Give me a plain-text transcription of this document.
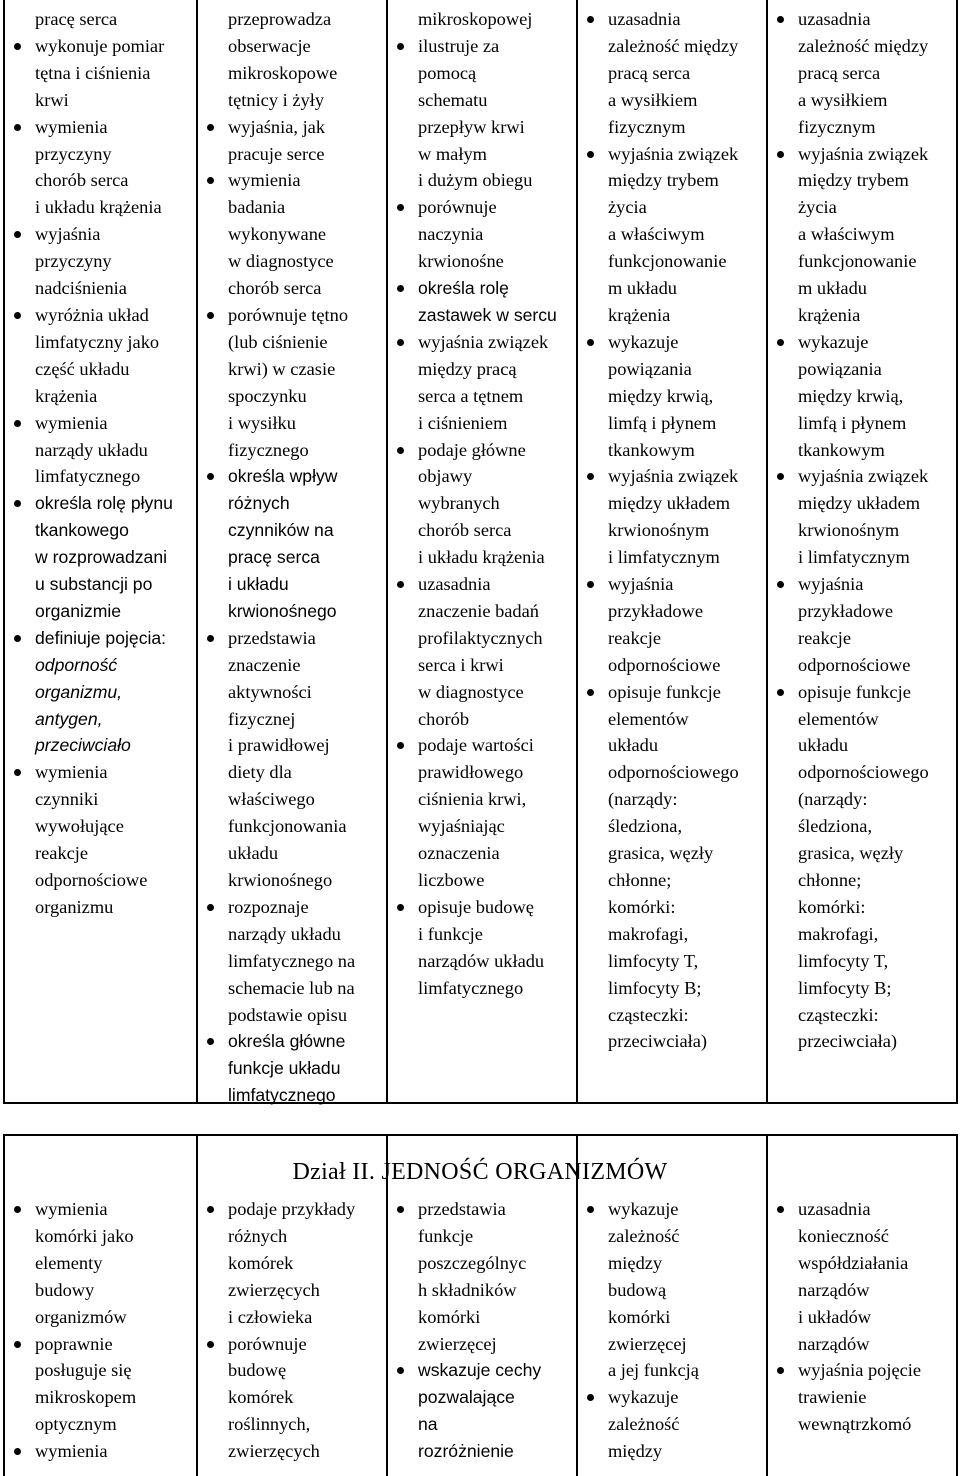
pracę serca
wykonuje pomiar
tętna i ciśnienia
krwi
wymienia
przyczyny
chorób serca
i układu krążenia
wyjaśnia
przyczyny
nadciśnienia
wyróżnia układ
limfatyczny jako
część układu
krążenia
wymienia
narządy układu
limfatycznego
określa rolę płynu
tkankowego
w rozprowadzani
u substancji po
organizmie
definiuje pojęcia:
odporność
organizmu,
antygen,
przeciwciało
wymienia
czynniki
wywołujące
reakcje
odpornościowe
organizmu
przeprowadza
obserwacje
mikroskopowe
tętnicy i żyły
wyjaśnia, jak
pracuje serce
wymienia
badania
wykonywane
w diagnostyce
chorób serca
porównuje tętno
(lub ciśnienie
krwi) w czasie
spoczynku
i wysiłku
fizycznego
określa wpływ
różnych
czynników na
pracę serca
i układu
krwionośnego
przedstawia
znaczenie
aktywności
fizycznej
i prawidłowej
diety dla
właściwego
funkcjonowania
układu
krwionośnego
rozpoznaje
narządy układu
limfatycznego na
schemacie lub na
podstawie opisu
określa główne
funkcje układu
limfatycznego
mikroskopowej
ilustruje za
pomocą
schematu
przepływ krwi
w małym
i dużym obiegu
porównuje
naczynia
krwionośne
określa rolę
zastawek w sercu
wyjaśnia związek
między pracą
serca a tętnem
i ciśnieniem
podaje główne
objawy
wybranych
chorób serca
i układu krążenia
uzasadnia
znaczenie badań
profilaktycznych
serca i krwi
w diagnostyce
chorób
podaje wartości
prawidłowego
ciśnienia krwi,
wyjaśniając
oznaczenia
liczbowe
opisuje budowę
i funkcje
narządów układu
limfatycznego
uzasadnia
zależność między
pracą serca
a wysiłkiem
fizycznym
wyjaśnia związek
między trybem
życia
a właściwym
funkcjonowanie
m układu
krążenia
wykazuje
powiązania
między krwią,
limfą i płynem
tkankowym
wyjaśnia związek
między układem
krwionośnym
i limfatycznym
wyjaśnia
przykładowe
reakcje
odpornościowe
opisuje funkcje
elementów
układu
odpornościowego
(narządy:
śledziona,
grasica, węzły
chłonne;
komórki:
makrofagi,
limfocyty T,
limfocyty B;
cząsteczki:
przeciwciała)
uzasadnia
zależność między
pracą serca
a wysiłkiem
fizycznym
wyjaśnia związek
między trybem
życia
a właściwym
funkcjonowanie
m układu
krążenia
wykazuje
powiązania
między krwią,
limfą i płynem
tkankowym
wyjaśnia związek
między układem
krwionośnym
i limfatycznym
wyjaśnia
przykładowe
reakcje
odpornościowe
opisuje funkcje
elementów
układu
odpornościowego
(narządy:
śledziona,
grasica, węzły
chłonne;
komórki:
makrofagi,
limfocyty T,
limfocyty B;
cząsteczki:
przeciwciała)
Dział II. JEDNOŚĆ ORGANIZMÓW
wymienia
komórki jako
elementy
budowy
organizmów
poprawnie
posługuje się
mikroskopem
optycznym
wymienia
podaje przykłady
różnych
komórek
zwierzęcych
i człowieka
porównuje
budowę
komórek
roślinnych,
zwierzęcych
przedstawia
funkcje
poszczególnyc
h składników
komórki
zwierzęcej
wskazuje cechy
pozwalające
na
rozróżnienie
wykazuje
zależność
między
budową
komórki
zwierzęcej
a jej funkcją
wykazuje
zależność
między
uzasadnia
konieczność
współdziałania
narządów
i układów
narządów
wyjaśnia pojęcie
trawienie
wewnątrzkomó
